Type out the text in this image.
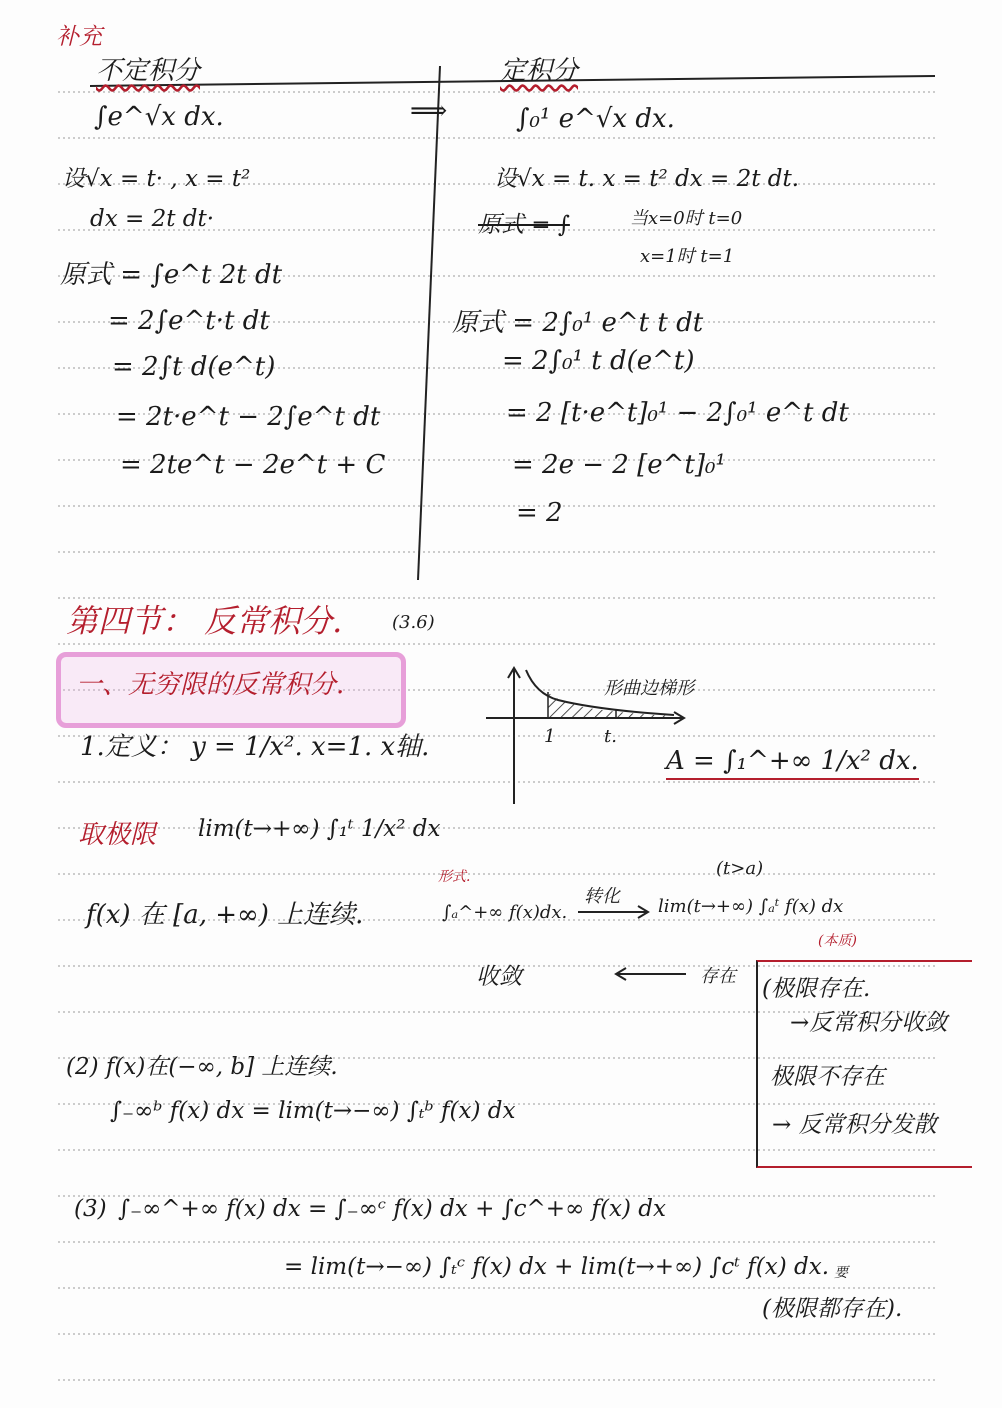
补充
不定积分
∫e^√x dx.
设√x = t· , x = t²
dx = 2t dt·
原式 = ∫e^t 2t dt
= 2∫e^t·t dt
= 2∫t d(e^t)
= 2t·e^t − 2∫e^t dt
= 2te^t − 2e^t + C
⟹
定积分
∫₀¹ e^√x dx.
设√x = t. x = t² dx = 2t dt.
原式 = ∫	当x=0时 t=0
x=1时 t=1
原式 = 2∫₀¹ e^t t dt
= 2∫₀¹ t d(e^t)
= 2 [t·e^t]₀¹ − 2∫₀¹ e^t dt
= 2e − 2 [e^t]₀¹
= 2
第四节： 反常积分.	(3.6)
一、无穷限的反常积分.
1.定义： y = 1/x². x=1. x轴.
形曲边梯形
1	t.
A = ∫₁^+∞ 1/x² dx.
取极限 lim(t→+∞) ∫₁ᵗ 1/x² dx
f(x) 在 [a, +∞) 上连续.
形式.
∫ₐ^+∞ f(x)dx.
转化
(t>a)
lim(t→+∞) ∫ₐᵗ f(x) dx
(本质)
收敛	存在 (极限存在.
→反常积分收敛
极限不存在
→ 反常积分发散
(2) f(x)在(−∞, b] 上连续.
∫₋∞ᵇ f(x) dx = lim(t→−∞) ∫ₜᵇ f(x) dx
(3) ∫₋∞^+∞ f(x) dx = ∫₋∞ᶜ f(x) dx + ∫c^+∞ f(x) dx
= lim(t→−∞) ∫ₜᶜ f(x) dx + lim(t→+∞) ∫cᵗ f(x) dx. 要
(极限都存在).
